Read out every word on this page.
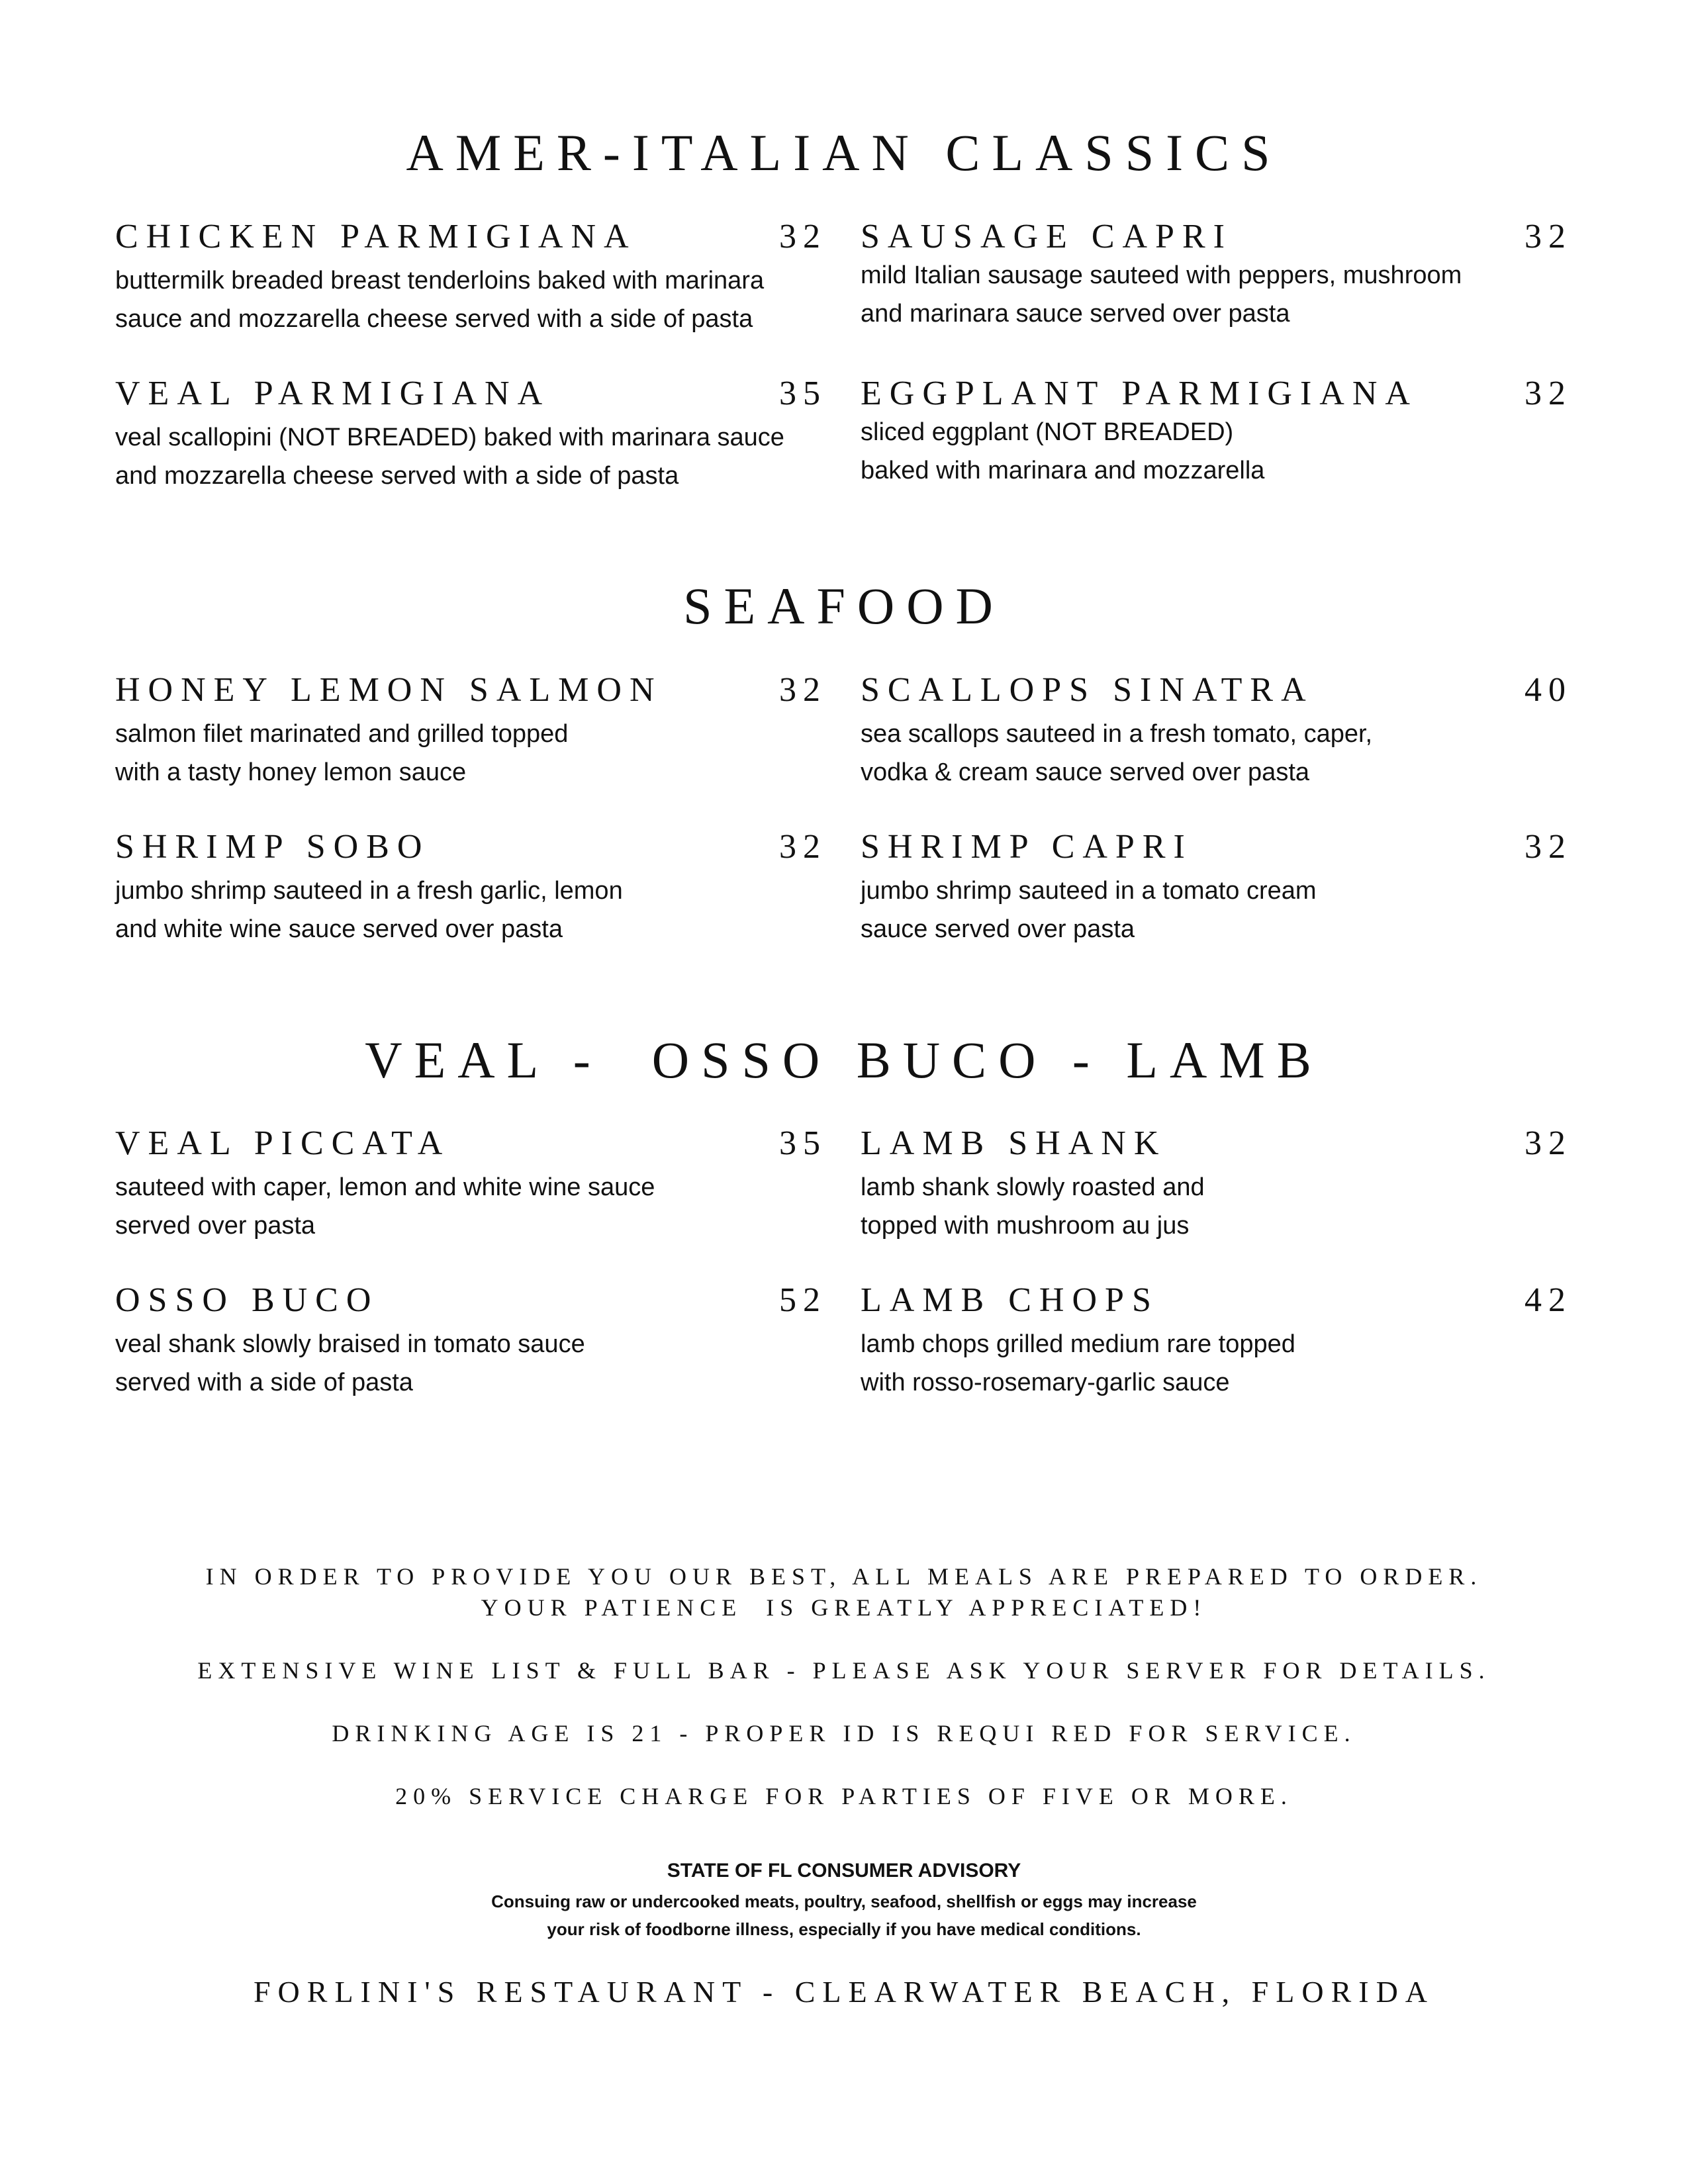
AMER-ITALIAN CLASSICS
CHICKEN PARMIGIANA	32
buttermilk breaded breast tenderloins baked with marinara
sauce and mozzarella cheese served with a side of pasta
SAUSAGE CAPRI	32
mild Italian sausage sauteed with peppers, mushroom
and marinara sauce served over pasta
VEAL PARMIGIANA	35
veal scallopini (NOT BREADED) baked with marinara sauce
and mozzarella cheese served with a side of pasta
EGGPLANT PARMIGIANA	32
sliced eggplant (NOT BREADED)
baked with marinara and mozzarella
SEAFOOD
HONEY LEMON SALMON	32
salmon filet marinated and grilled topped
with a tasty honey lemon sauce
SCALLOPS SINATRA	40
sea scallops sauteed in a fresh tomato, caper,
vodka & cream sauce served over pasta
SHRIMP SOBO	32
jumbo shrimp sauteed in a fresh garlic, lemon
and white wine sauce served over pasta
SHRIMP CAPRI	32
jumbo shrimp sauteed in a tomato cream
sauce served over pasta
VEAL -  OSSO BUCO - LAMB
VEAL PICCATA	35
sauteed with caper, lemon and white wine sauce
served over pasta
LAMB SHANK	32
lamb shank slowly roasted and
topped with mushroom au jus
OSSO BUCO	52
veal shank slowly braised in tomato sauce
served with a side of pasta
LAMB CHOPS	42
lamb chops grilled medium rare topped
with rosso-rosemary-garlic sauce
IN ORDER TO PROVIDE YOU OUR BEST, ALL MEALS ARE PREPARED TO ORDER.
YOUR PATIENCE  IS GREATLY APPRECIATED!
EXTENSIVE WINE LIST & FULL BAR - PLEASE ASK YOUR SERVER FOR DETAILS.
DRINKING AGE IS 21 - PROPER ID IS REQUI RED FOR SERVICE.
20% SERVICE CHARGE FOR PARTIES OF FIVE OR MORE.
STATE OF FL CONSUMER ADVISORY
Consuing raw or undercooked meats, poultry, seafood, shellfish or eggs may increase
your risk of foodborne illness, especially if you have medical conditions.
FORLINI'S RESTAURANT - CLEARWATER BEACH, FLORIDA
